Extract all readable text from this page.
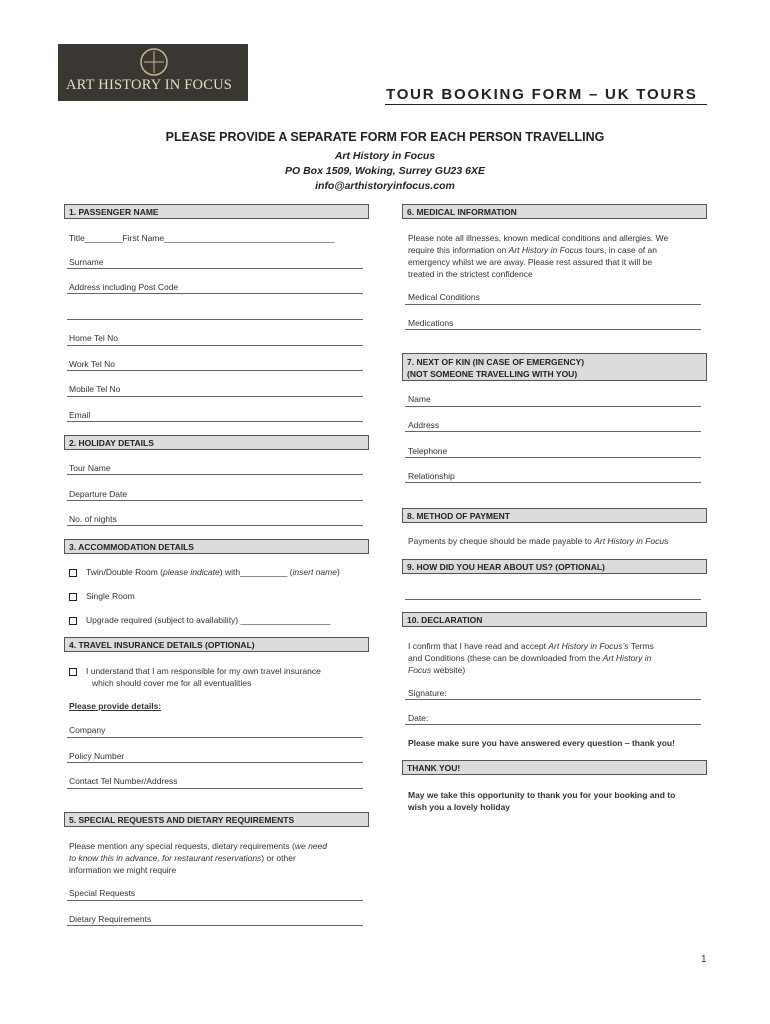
ART HISTORY IN FOCUS
TOUR BOOKING FORM – UK TOURS
PLEASE PROVIDE A SEPARATE FORM FOR EACH PERSON TRAVELLING
Art History in Focus
PO Box 1509, Woking, Surrey GU23 6XE
info@arthistoryinfocus.com
1. PASSENGER NAME
Title________First Name____________________________________
Surname
Address including Post Code
Home Tel No
Work Tel No
Mobile Tel No
Email
2. HOLIDAY DETAILS
Tour Name
Departure Date
No. of nights
3. ACCOMMODATION DETAILS
Twin/Double Room (please indicate) with__________ (insert name)
Single Room
Upgrade required (subject to availability) ___________________
4. TRAVEL INSURANCE DETAILS (OPTIONAL)
I understand that I am responsible for my own travel insurance
which should cover me for all eventualities
Please provide details:
Company
Policy Number
Contact Tel Number/Address
5. SPECIAL REQUESTS AND DIETARY REQUIREMENTS
Please mention any special requests, dietary requirements (we need
to know this in advance, for restaurant reservations) or other
information we might require
Special Requests
Dietary Requirements
6. MEDICAL INFORMATION
Please note all illnesses, known medical conditions and allergies. We
require this information on Art History in Focus tours, in case of an
emergency whilst we are away. Please rest assured that it will be
treated in the strictest confidence
Medical Conditions
Medications
7. NEXT OF KIN (IN CASE OF EMERGENCY)
(NOT SOMEONE TRAVELLING WITH YOU)
Name
Address
Telephone
Relationship
8. METHOD OF PAYMENT
Payments by cheque should be made payable to Art History in Focus
9. HOW DID YOU HEAR ABOUT US? (OPTIONAL)
10. DECLARATION
I confirm that I have read and accept Art History in Focus’s Terms
and Conditions (these can be downloaded from the Art History in
Focus website)
Signature:
Date:
Please make sure you have answered every question – thank you!
THANK YOU!
May we take this opportunity to thank you for your booking and to
wish you a lovely holiday
1
